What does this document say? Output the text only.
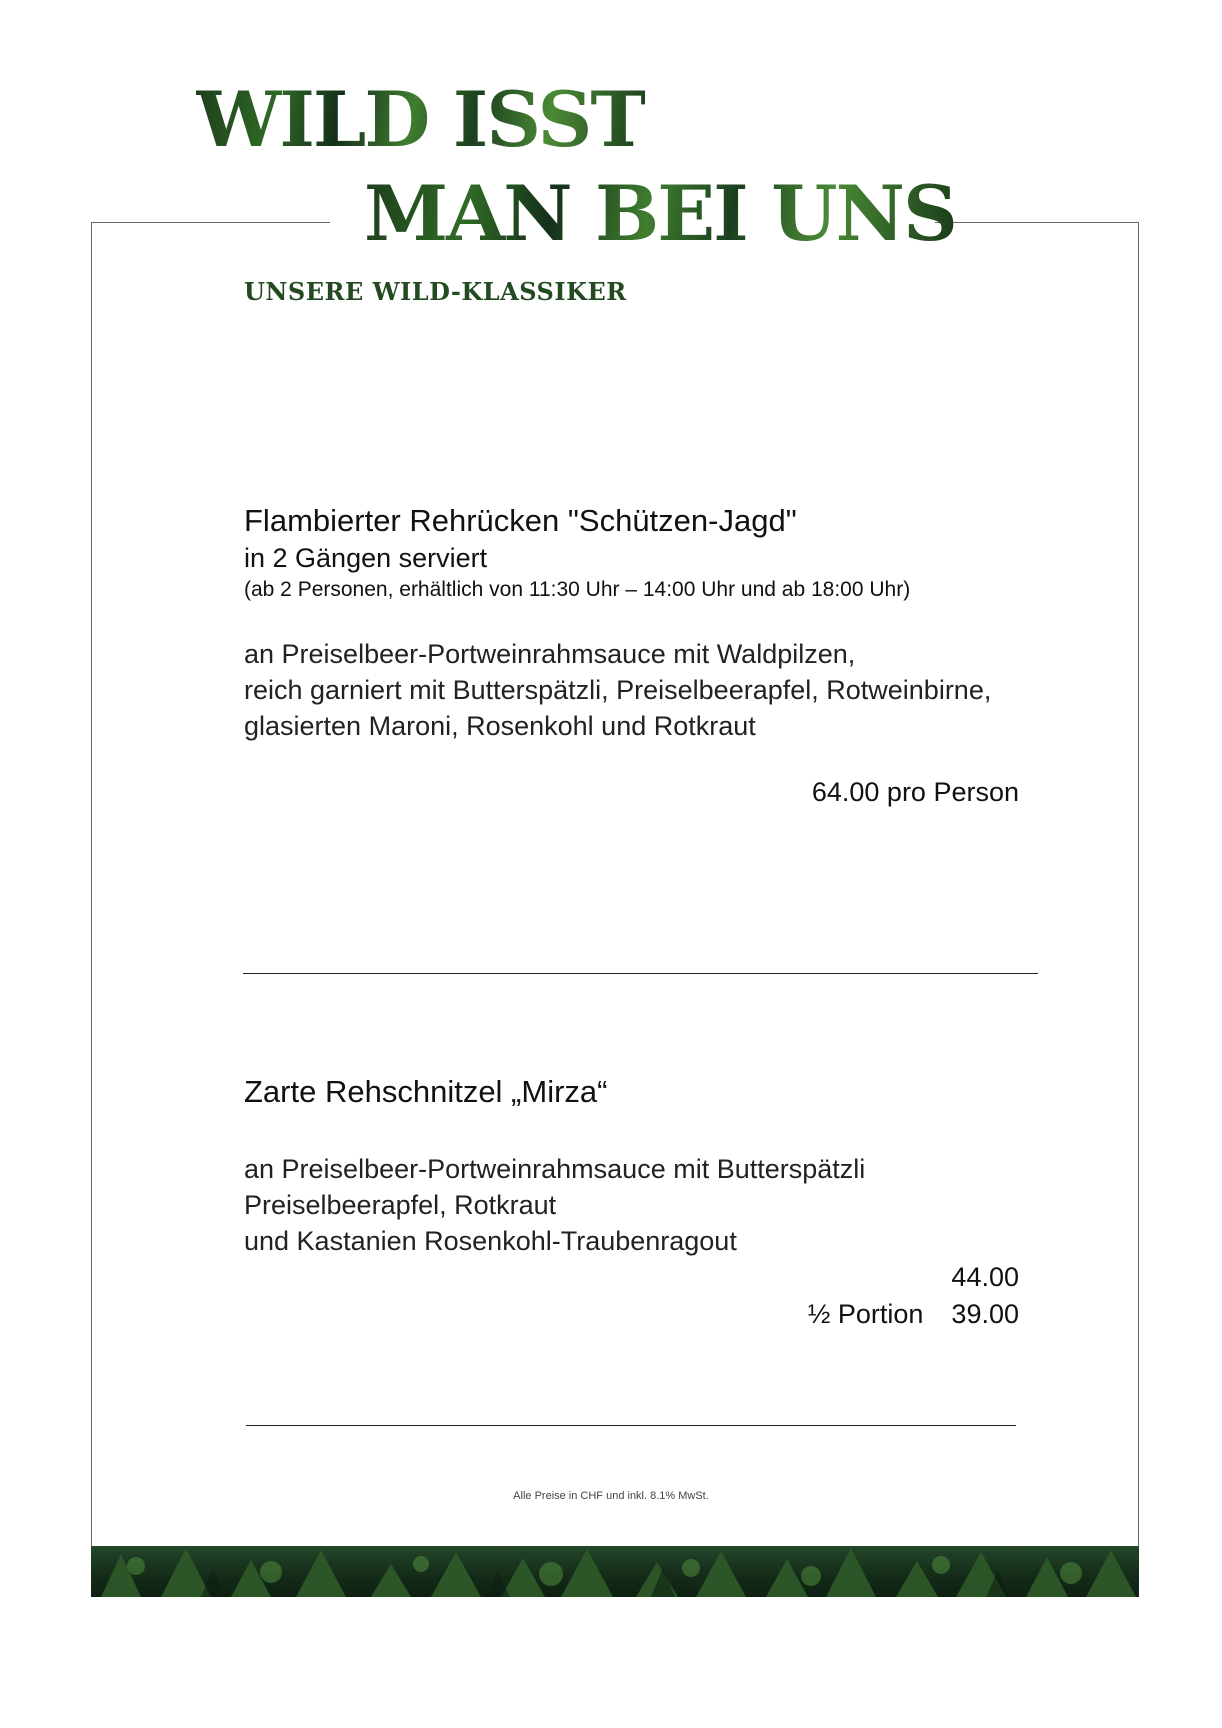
WILD ISST
MAN BEI UNS
UNSERE WILD-KLASSIKER
Flambierter Rehrücken "Schützen-Jagd"
in 2 Gängen serviert
(ab 2 Personen, erhältlich von 11:30 Uhr – 14:00 Uhr und ab 18:00 Uhr)
an Preiselbeer-Portweinrahmsauce mit Waldpilzen,
reich garniert mit Butterspätzli, Preiselbeerapfel, Rotweinbirne,
glasierten Maroni, Rosenkohl und Rotkraut
64.00 pro Person
Zarte Rehschnitzel „Mirza“
an Preiselbeer-Portweinrahmsauce mit Butterspätzli
Preiselbeerapfel, Rotkraut
und Kastanien Rosenkohl-Traubenragout
44.00
½ Portion 39.00
Alle Preise in CHF und inkl. 8.1% MwSt.
